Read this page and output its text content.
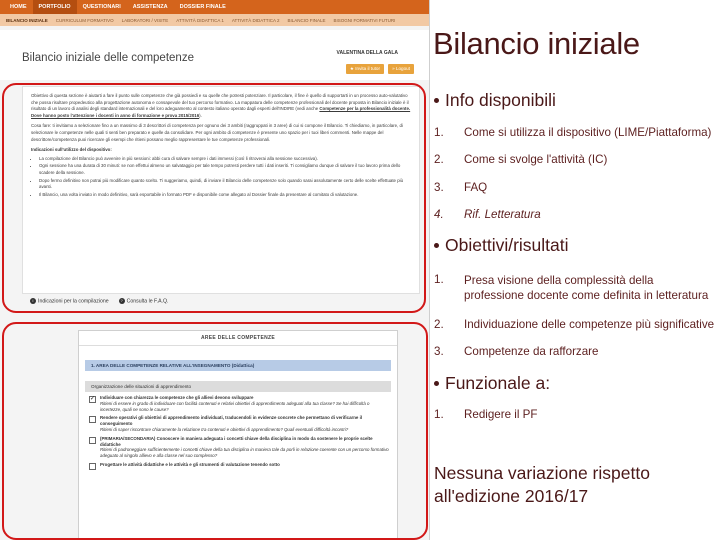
HOME	PORTFOLIO	QUESTIONARI	ASSISTENZA	DOSSIER FINALE
BILANCIO INIZIALE CURRICULUM FORMATIVO LABORATORI / VISITE ATTIVITÀ DIDATTICA 1 ATTIVITÀ DIDATTICA 2 BILANCIO FINALE BISOGNI FORMATIVI FUTURI
Bilancio iniziale delle competenze	VALENTINA DELLA GALA
★ Invita il tutor	» Logout

Obiettivo di questa sezione è aiutarti a fare il punto sulle competenze che già possiedi e su quelle che potresti potenziare. Il particolare, il fine è quello di supportarti in un processo auto-valutativo che possa risultare propedeutico alla progettazione autonoma e consapevole del tuo percorso formativo. La mappatura delle competenze professionali del docente proposta in Bilancio iniziale è il risultato di un lavoro di analisi degli standard internazionali e del loro adeguamento al contesto italiano operato dagli esperti dell'INDIRE (vedi anche Competenze per la professionalità docente. Dove hanno posto l'attenzione i docenti in anno di formazione e prova 2015/2016).

Cosa fare: ti invitiamo a selezionare fino a un massimo di 3 descrittori di competenza per ognuno dei 3 ambiti (raggruppati in 3 aree) di cui si compone il Bilancio. Ti chiediamo, in particolare, di selezionare le competenze nelle quali ti senti ben preparato e quelle da consolidare. Per ogni ambito di competenze è presente uno spazio per i tuoi liberi commenti. Nelle mappe del descrittore/competenza puoi ricercare gli esempi che ritieni possano meglio rappresentare le tue competenze professionali.

Indicazioni sull'utilizzo del dispositivo:
• La compilazione del Bilancio può avvenire in più sessioni: abbi cura di salvare sempre i dati immessi (così li ritroverai alla sessione successiva).
• Ogni sessione ha una durata di 30 minuti: se non effettui almeno un salvataggio per tale tempo potresti perdere tutti i dati inseriti. Ti consigliamo dunque di salvare il tuo lavoro prima dello scadere della sessione.
• Dopo fermo definitivo non potrai più modificare quanto scelto. Ti suggeriamo, quindi, di inviare il Bilancio delle competenze solo quando sarai assolutamente certo delle scelte effettuate più avanti.
• Il Bilancio, una volta inviato in modo definitivo, sarà esportabile in formato PDF e disponibile come allegato al Dossier finale da presentare al comitato di valutazione.
i Indicazioni per la compilazione	? Consulta le F.A.Q.
AREE DELLE COMPETENZE
1. AREA DELLE COMPETENZE RELATIVE ALL'INSEGNAMENTO (Didattica)
Organizzazione delle situazioni di apprendimento
✓ Individuare con chiarezza le competenze che gli allievi devono sviluppare
Ritieni di essere in grado di individuare con facilità contenuti e relativi obiettivi di apprendimento adeguati alla tua classe? Se hai difficoltà o incertezze, quali ne sono le cause?
Rendere operativi gli obiettivi di apprendimento individuati, traducendoli in evidenze concrete che permettano di verificarne il conseguimento
Ritieni di saper riscontrare chiaramente la relazione tra contenuti e obiettivi di apprendimento? Quali eventuali difficoltà incontri?
(PRIMARIA/SECONDARIA) Conoscere in maniera adeguata i concetti chiave della disciplina in modo da sostenere le proprie scelte didattiche
Ritieni di padroneggiare sufficientemente i concetti chiave della tua disciplina in maniera tale da porli in relazione coerente con un percorso formativo adeguato al singolo allievo e alla classe nel suo complesso?
Progettare le attività didattiche e le attività e gli strumenti di valutazione tenendo sotto
Bilancio iniziale
Info disponibili
1.	Come si utilizza il dispositivo (LIME/Piattaforma)
2.	Come si svolge l'attività (IC)
3.	FAQ
4.	Rif. Letteratura
Obiettivi/risultati
1.	Presa visione della complessità della professione docente come definita in letteratura
2.	Individuazione delle competenze più significative
3.	Competenze da rafforzare
Funzionale a:
1.	Redigere il PF
Nessuna variazione rispetto all'edizione 2016/17
